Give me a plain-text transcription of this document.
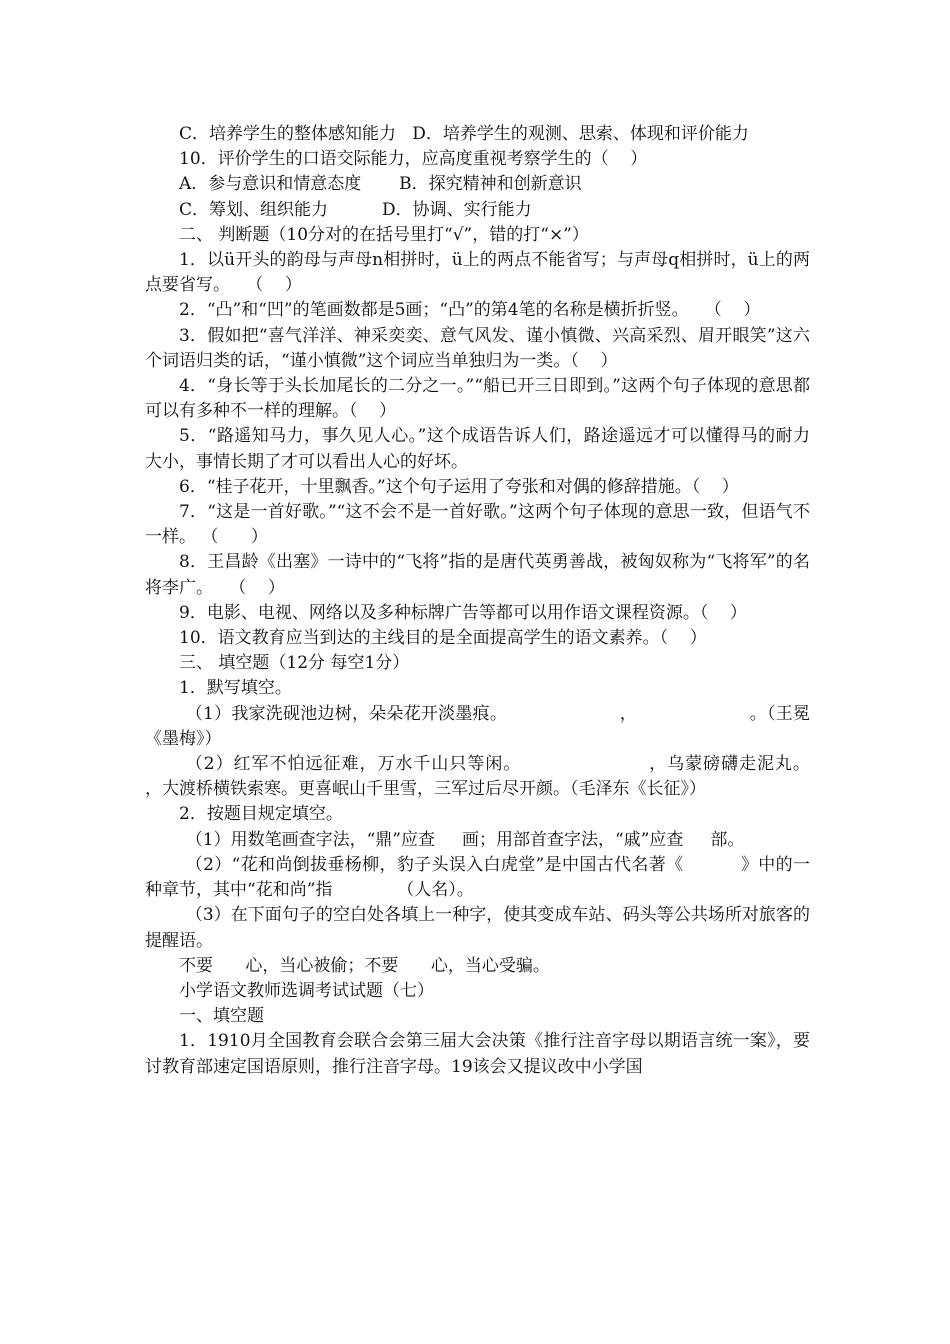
C．培养学生的整体感知能力   D．培养学生的观测、思索、体现和评价能力

10．评价学生的口语交际能力，应高度重视考察学生的（    ）

A．参与意识和情意态度       B．探究精神和创新意识

C．筹划、组织能力          D．协调、实行能力

二、 判断题（10分对的在括号里打“√”，错的打“×”）

1．以ü开头的韵母与声母n相拼时，ü上的两点不能省写；与声母q相拼时，ü上的两点要省写。   （    ）

2．“凸”和“凹”的笔画数都是5画；“凸”的第4笔的名称是横折折竖。   （    ）

3．假如把“喜气洋洋、神采奕奕、意气风发、谨小慎微、兴高采烈、眉开眼笑”这六个词语归类的话，“谨小慎微”这个词应当单独归为一类。（    ）

4．“身长等于头长加尾长的二分之一。”“船已开三日即到。”这两个句子体现的意思都可以有多种不一样的理解。（    ）

5．“路遥知马力，事久见人心。”这个成语告诉人们，路途遥远才可以懂得马的耐力大小，事情长期了才可以看出人心的好坏。

6．“桂子花开，十里飘香。”这个句子运用了夸张和对偶的修辞措施。（    ）

7．“这是一首好歌。”“这不会不是一首好歌。”这两个句子体现的意思一致，但语气不一样。 （      ）

8．王昌龄《出塞》一诗中的“飞将”指的是唐代英勇善战，被匈奴称为“飞将军”的名将李广。   （    ）

9．电影、电视、网络以及多种标牌广告等都可以用作语文课程资源。（    ）

10．语文教育应当到达的主线目的是全面提高学生的语文素养。（    ）

三、 填空题（12分 每空1分）

1．默写填空。

（1）我家洗砚池边树，朵朵花开淡墨痕。                    ，                    。（王冕《墨梅》）

（2）红军不怕远征难，万水千山只等闲。                    ，乌蒙磅礴走泥丸。                    ，大渡桥横铁索寒。更喜岷山千里雪，三军过后尽开颜。（毛泽东《长征》）

2．按题目规定填空。

（1）用数笔画查字法，“鼎”应查     画；用部首查字法，“戚”应查     部。

（2）“花和尚倒拔垂杨柳，豹子头误入白虎堂”是中国古代名著《          》中的一种章节，其中“花和尚”指            （人名）。

（3）在下面句子的空白处各填上一种字，使其变成车站、码头等公共场所对旅客的提醒语。

不要      心，当心被偷；不要      心，当心受骗。

小学语文教师选调考试试题（七）

一、填空题

1．1910月全国教育会联合会第三届大会决策《推行注音字母以期语言统一案》，要讨教育部速定国语原则，推行注音字母。19该会又提议改中小学国
